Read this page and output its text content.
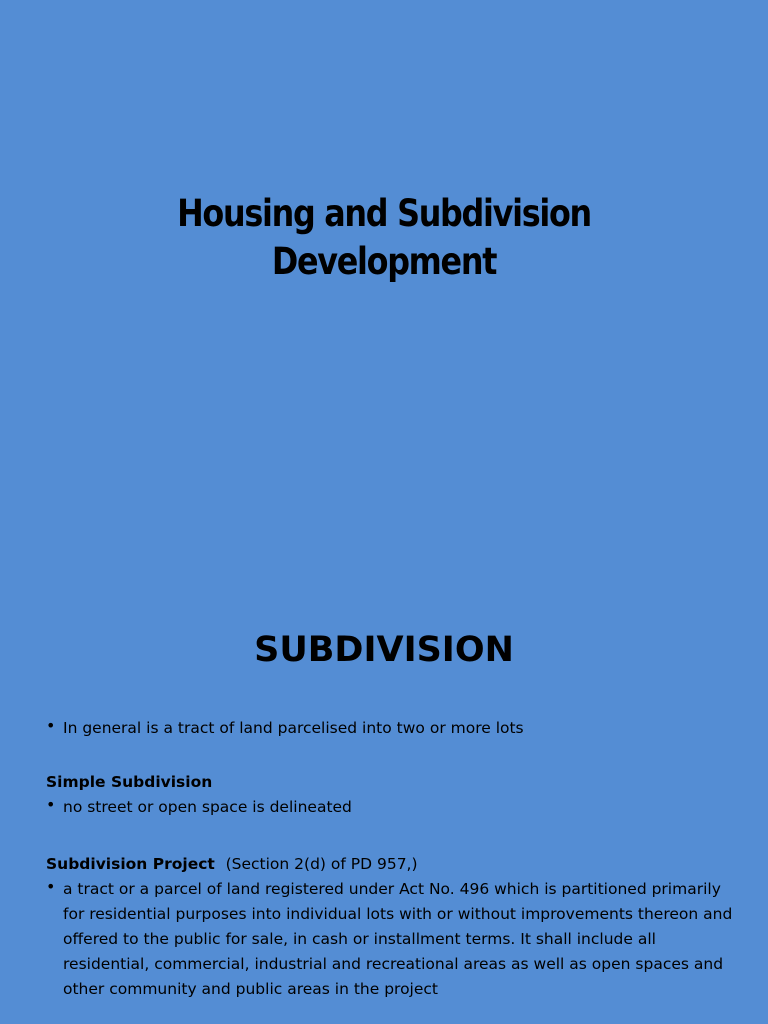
Housing and Subdivision
Development
SUBDIVISION
• In general is a tract of land parcelised into two or more lots
Simple Subdivision
• no street or open space is delineated
Subdivision Project (Section 2(d) of PD 957,)
• a tract or a parcel of land registered under Act No. 496 which is partitioned primarily for residential purposes into individual lots with or without improvements thereon and offered to the public for sale, in cash or installment terms. It shall include all residential, commercial, industrial and recreational areas as well as open spaces and other community and public areas in the project
